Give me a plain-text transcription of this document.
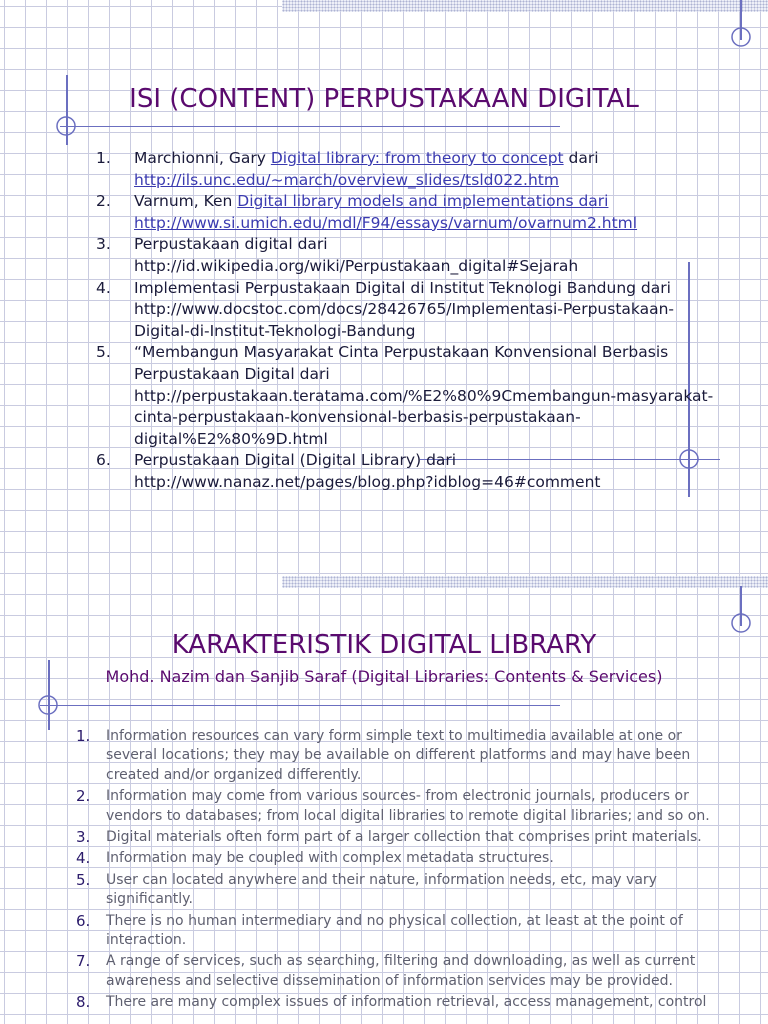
ISI (CONTENT) PERPUSTAKAAN DIGITAL
1. Marchionni, Gary Digital library: from theory to concept dari
http://ils.unc.edu/~march/overview_slides/tsld022.htm
2. Varnum, Ken Digital library models and implementations dari
http://www.si.umich.edu/mdl/F94/essays/varnum/ovarnum2.html
3. Perpustakaan digital dari http://id.wikipedia.org/wiki/Perpustakaan_digital#Sejarah
4. Implementasi Perpustakaan Digital di Institut Teknologi Bandung dari http://www.docstoc.com/docs/28426765/Implementasi-Perpustakaan-Digital-di-Institut-Teknologi-Bandung
5. “Membangun Masyarakat Cinta Perpustakaan Konvensional Berbasis Perpustakaan Digital dari http://perpustakaan.teratama.com/%E2%80%9Cmembangun-masyarakat-cinta-perpustakaan-konvensional-berbasis-perpustakaan-digital%E2%80%9D.html
6. Perpustakaan Digital (Digital Library) dari http://www.nanaz.net/pages/blog.php?idblog=46#comment
KARAKTERISTIK DIGITAL LIBRARY
Mohd. Nazim dan Sanjib Saraf (Digital Libraries: Contents & Services)
1. Information resources can vary form simple text to multimedia available at one or several locations; they may be available on different platforms and may have been created and/or organized differently.
2. Information may come from various sources- from electronic journals, producers or vendors to databases; from local digital libraries to remote digital libraries; and so on.
3. Digital materials often form part of a larger collection that comprises print materials.
4. Information may be coupled with complex metadata structures.
5. User can located anywhere and their nature, information needs, etc, may vary significantly.
6. There is no human intermediary and no physical collection, at least at the point of interaction.
7. A range of services, such as searching, filtering and downloading, as well as current awareness and selective dissemination of information services may be provided.
8. There are many complex issues of information retrieval, access management, control
